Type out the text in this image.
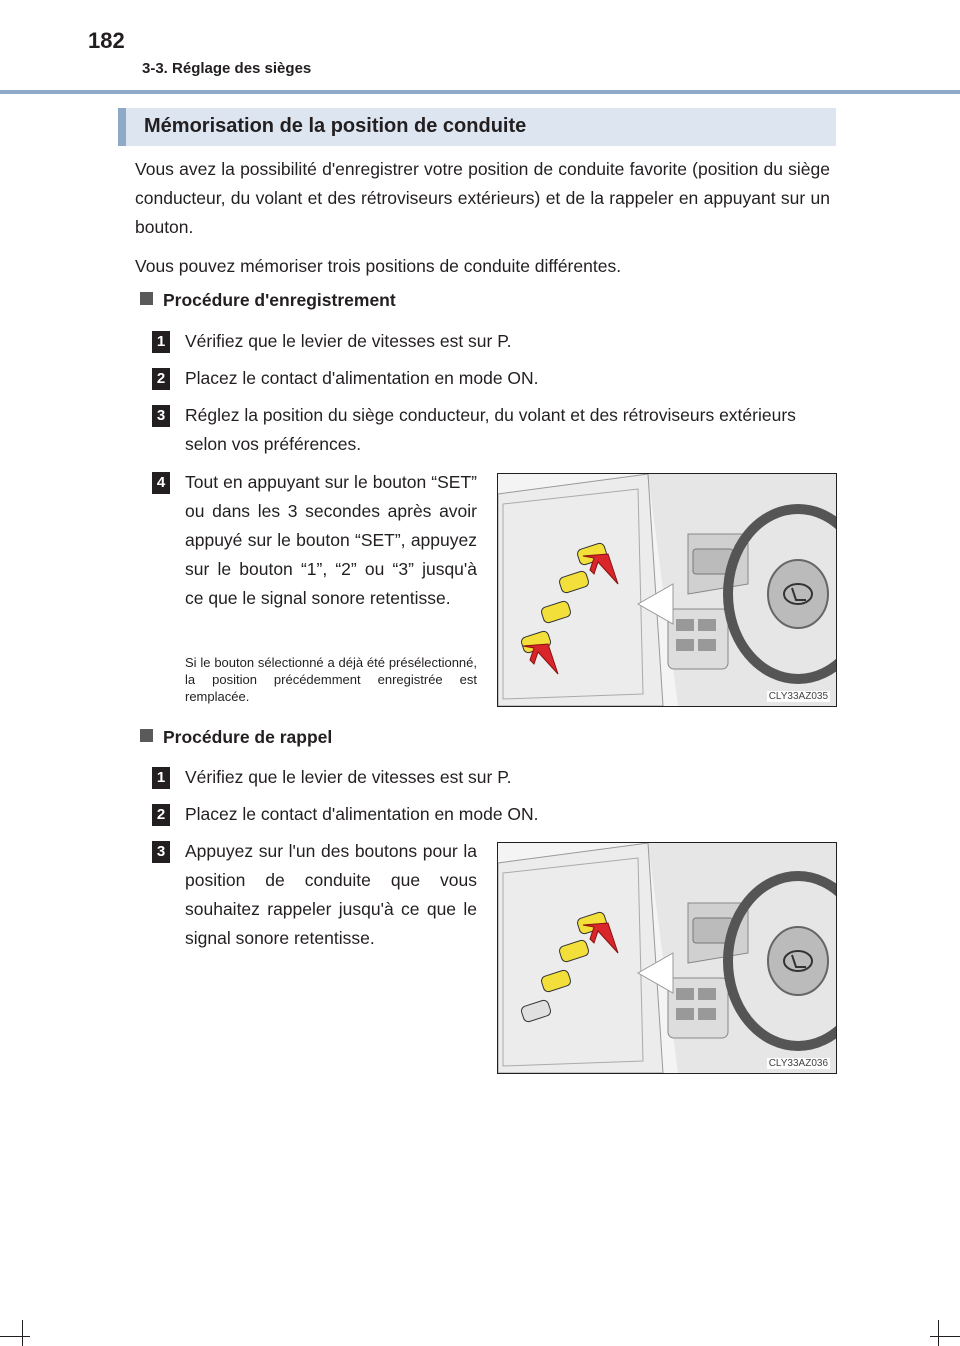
182
3-3. Réglage des sièges
Mémorisation de la position de conduite
Vous avez la possibilité d'enregistrer votre position de conduite favorite (position du siège conducteur, du volant et des rétroviseurs extérieurs) et de la rappeler en appuyant sur un bouton.
Vous pouvez mémoriser trois positions de conduite différentes.
Procédure d'enregistrement
1 Vérifiez que le levier de vitesses est sur P.
2 Placez le contact d'alimentation en mode ON.
3 Réglez la position du siège conducteur, du volant et des rétroviseurs extérieurs selon vos préférences.
4 Tout en appuyant sur le bouton “SET” ou dans les 3 secondes après avoir appuyé sur le bouton “SET”, appuyez sur le bouton “1”, “2” ou “3” jusqu'à ce que le signal sonore retentisse.
Si le bouton sélectionné a déjà été présélectionné, la position précédemment enregistrée est remplacée.	CLY33AZ035
Procédure de rappel
1 Vérifiez que le levier de vitesses est sur P.
2 Placez le contact d'alimentation en mode ON.
3 Appuyez sur l'un des boutons pour la position de conduite que vous souhaitez rappeler jusqu'à ce que le signal sonore retentisse.
CLY33AZ036
